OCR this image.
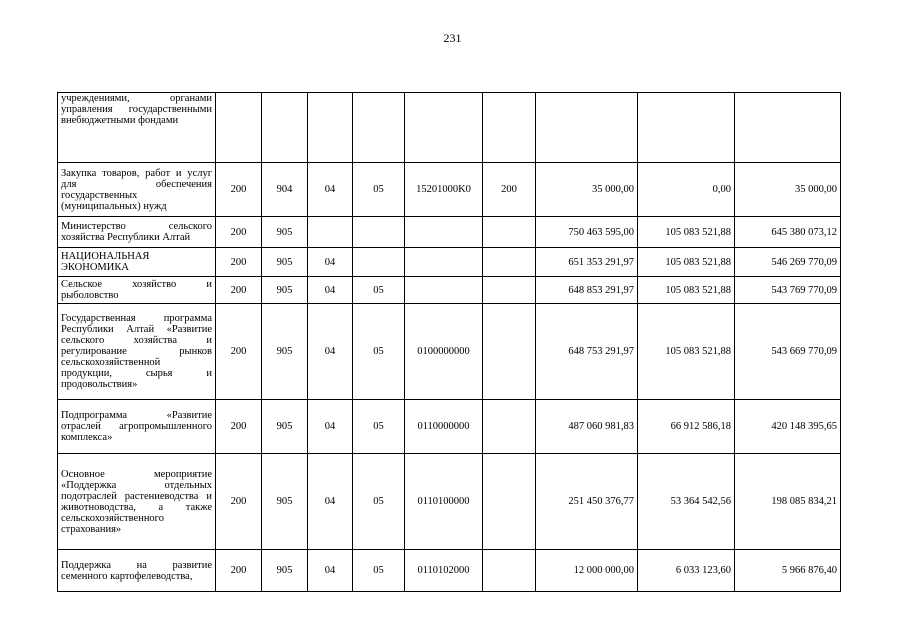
231
учреждениями, органами управления государственными внебюджетными фондами									
Закупка товаров, работ и услуг для обеспечения государственных (муниципальных) нужд	200	904	04	05	15201000K0	200	35 000,00	0,00	35 000,00
Министерство сельского хозяйства Республики Алтай	200	905					750 463 595,00	105 083 521,88	645 380 073,12
НАЦИОНАЛЬНАЯ ЭКОНОМИКА	200	905	04				651 353 291,97	105 083 521,88	546 269 770,09
Сельское хозяйство и рыболовство	200	905	04	05			648 853 291,97	105 083 521,88	543 769 770,09
Государственная программа Республики Алтай «Развитие сельского хозяйства и регулирование рынков сельскохозяйственной продукции, сырья и продовольствия»	200	905	04	05	0100000000		648 753 291,97	105 083 521,88	543 669 770,09
Подпрограмма «Развитие отраслей агропромышленного комплекса»	200	905	04	05	0110000000		487 060 981,83	66 912 586,18	420 148 395,65
Основное мероприятие «Поддержка отдельных подотраслей растениеводства и животноводства, а также сельскохозяйственного страхования»	200	905	04	05	0110100000		251 450 376,77	53 364 542,56	198 085 834,21
Поддержка на развитие семенного картофелеводства,	200	905	04	05	0110102000		12 000 000,00	6 033 123,60	5 966 876,40
